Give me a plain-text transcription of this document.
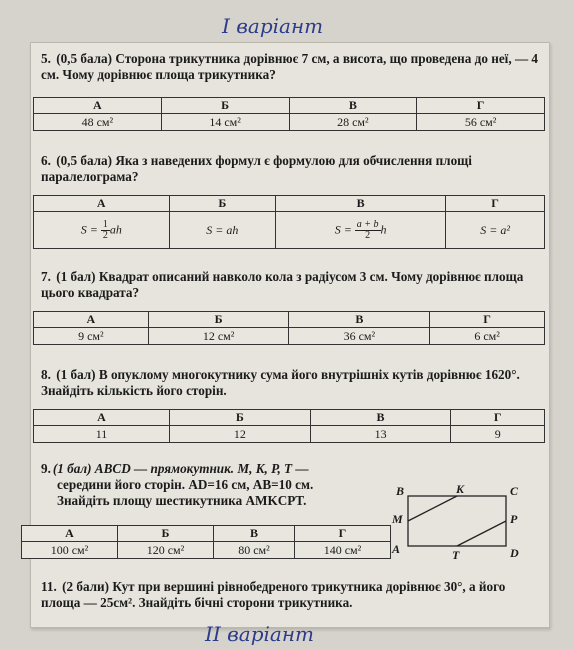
I варіант
5. (0,5 бала) Сторона трикутника дорівнює 7 см, а висота, що проведена до неї, — 4 см. Чому дорівнює площа трикутника?
А	Б	В	Г
48 см²	14 см²	28 см²	56 см²
6. (0,5 бала) Яка з наведених формул є формулою для обчислення площі паралелограма?
А	Б	В	Г
$S = \frac{1}{2}$ ah	S = ah	$S = \frac{a + b}{2}$ h	S = a²
7. (1 бал) Квадрат описаний навколо кола з радіусом 3 см. Чому дорівнює площа цього квадрата?
А	Б	В	Г
9 см²	12 см²	36 см²	6 см²
8. (1 бал) В опуклому многокутнику сума його внутрішніх кутів дорівнює 1620°. Знайдіть кількість його сторін.
А	Б	В	Г
11	12	13	9
9. (1 бал) ABCD — прямокутник. M, K, P, T —
середини його сторін. AD=16 см, AB=10 см.
Знайдіть площу шестикутника AMKCPT.
А	Б	В	Г
100 см²	120 см²	80 см²	140 см²
11. (2 бали) Кут при вершині рівнобедреного трикутника дорівнює 30°, а його площа — 25см². Знайдіть бічні сторони трикутника.
B	K	C
M	P
A	T	D
II варіант
